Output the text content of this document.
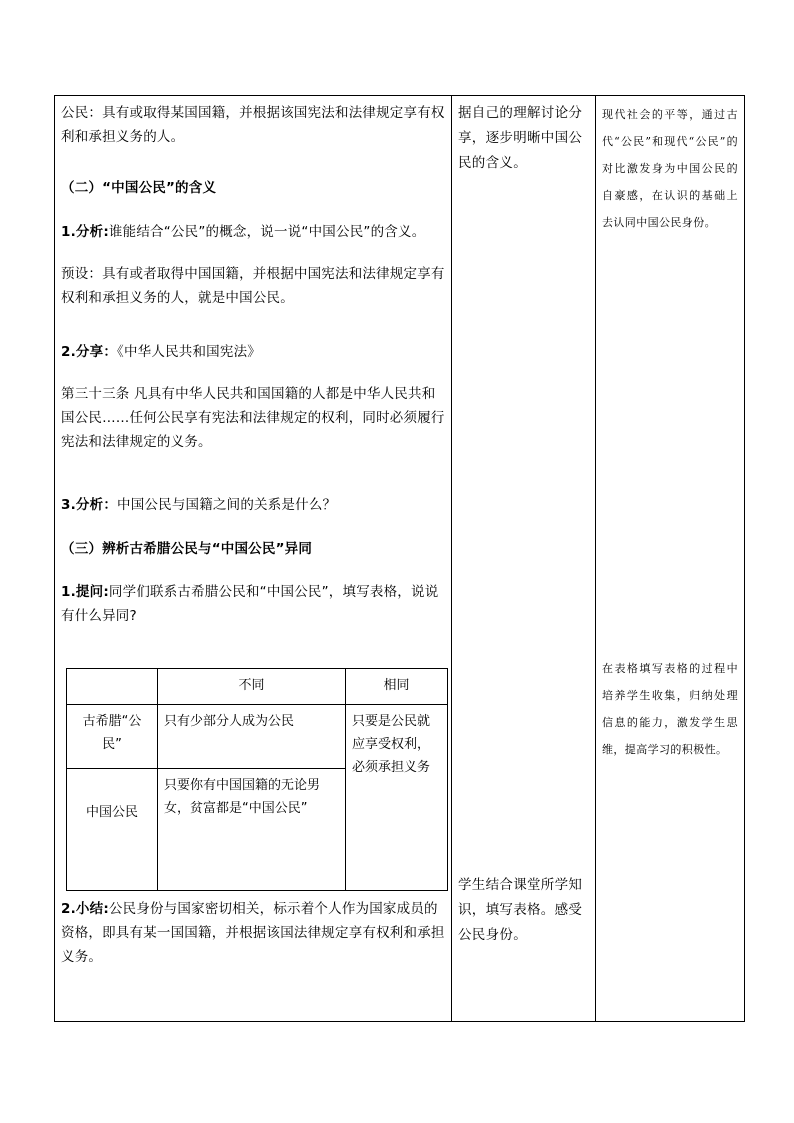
公民：具有或取得某国国籍，并根据该国宪法和法律规定享有权利和承担义务的人。

（二）“中国公民”的含义

1.分析:谁能结合“公民”的概念，说一说“中国公民”的含义。

预设：具有或者取得中国国籍，并根据中国宪法和法律规定享有权利和承担义务的人，就是中国公民。

2.分享：《中华人民共和国宪法》

第三十三条 凡具有中华人民共和国国籍的人都是中华人民共和国公民……任何公民享有宪法和法律规定的权利，同时必须履行宪法和法律规定的义务。

3.分析：中国公民与国籍之间的关系是什么？

（三）辨析古希腊公民与“中国公民”异同

1.提问:同学们联系古希腊公民和“中国公民”，填写表格，说说有什么异同?

	不同	相同
古希腊“公民”	只有少部分人成为公民	只要是公民就应享受权利，必须承担义务
中国公民	只要你有中国国籍的无论男女，贫富都是“中国公民”	

2.小结:公民身份与国家密切相关，标示着个人作为国家成员的资格，即具有某一国国籍，并根据该国法律规定享有权利和承担义务。

据自己的理解讨论分享，逐步明晰中国公民的含义。
学生结合课堂所学知识，填写表格。感受公民身份。
现代社会的平等，通过古代“公民”和现代“公民”的对比激发身为中国公民的自豪感，在认识的基础上去认同中国公民身份。
在表格填写表格的过程中培养学生收集，归纳处理信息的能力，激发学生思维，提高学习的积极性。
